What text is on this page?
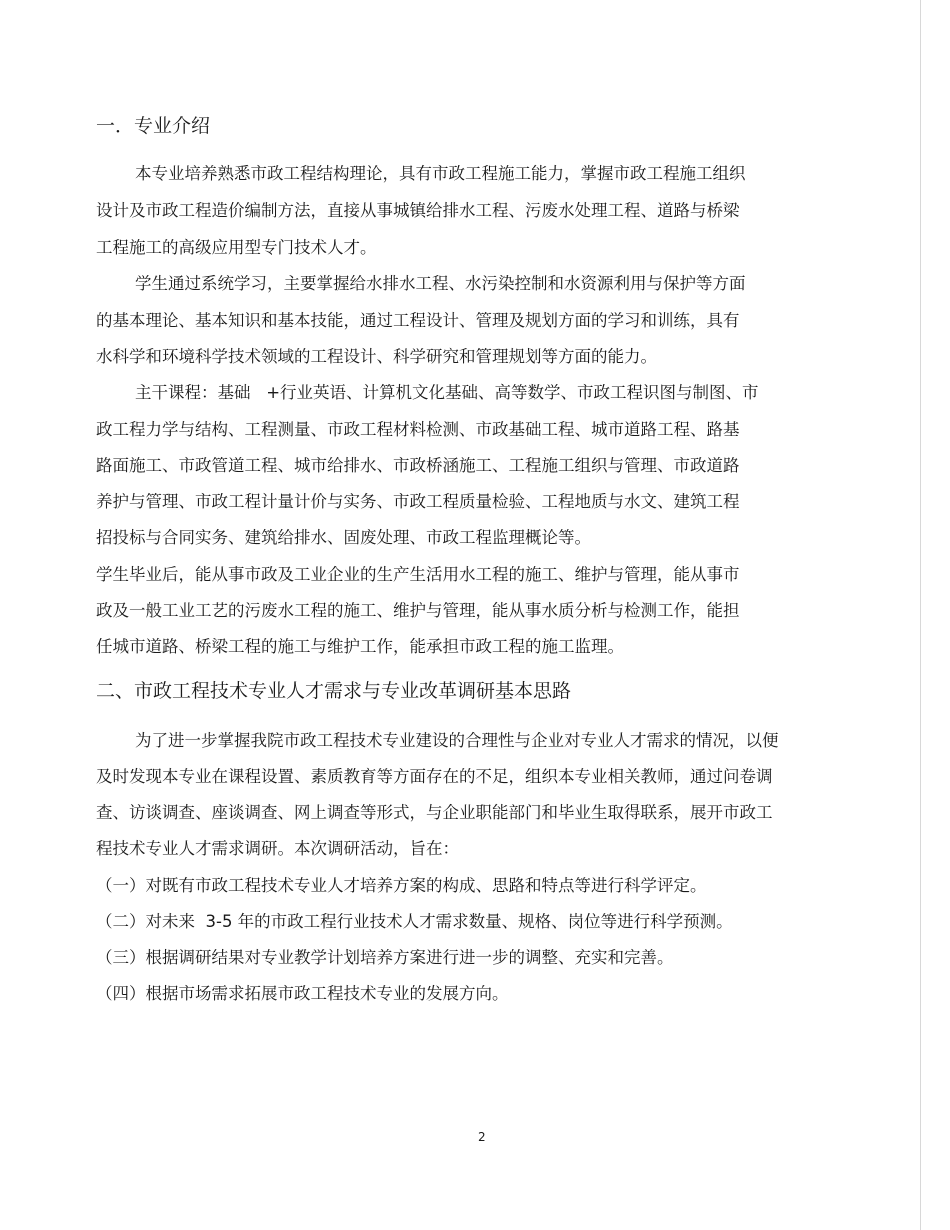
一．专业介绍
本专业培养熟悉市政工程结构理论，具有市政工程施工能力，掌握市政工程施工组织
设计及市政工程造价编制方法，直接从事城镇给排水工程、污废水处理工程、道路与桥梁
工程施工的高级应用型专门技术人才。
学生通过系统学习，主要掌握给水排水工程、水污染控制和水资源利用与保护等方面
的基本理论、基本知识和基本技能，通过工程设计、管理及规划方面的学习和训练，具有
水科学和环境科学技术领域的工程设计、科学研究和管理规划等方面的能力。
主干课程：基础   +行业英语、计算机文化基础、高等数学、市政工程识图与制图、市
政工程力学与结构、工程测量、市政工程材料检测、市政基础工程、城市道路工程、路基
路面施工、市政管道工程、城市给排水、市政桥涵施工、工程施工组织与管理、市政道路
养护与管理、市政工程计量计价与实务、市政工程质量检验、工程地质与水文、建筑工程
招投标与合同实务、建筑给排水、固废处理、市政工程监理概论等。
学生毕业后，能从事市政及工业企业的生产生活用水工程的施工、维护与管理，能从事市
政及一般工业工艺的污废水工程的施工、维护与管理，能从事水质分析与检测工作，能担
任城市道路、桥梁工程的施工与维护工作，能承担市政工程的施工监理。
二、市政工程技术专业人才需求与专业改革调研基本思路
为了进一步掌握我院市政工程技术专业建设的合理性与企业对专业人才需求的情况，以便
及时发现本专业在课程设置、素质教育等方面存在的不足，组织本专业相关教师，通过问卷调
查、访谈调查、座谈调查、网上调查等形式，与企业职能部门和毕业生取得联系，展开市政工
程技术专业人才需求调研。本次调研活动，旨在：
（一）对既有市政工程技术专业人才培养方案的构成、思路和特点等进行科学评定。
（二）对未来  3-5 年的市政工程行业技术人才需求数量、规格、岗位等进行科学预测。
（三）根据调研结果对专业教学计划培养方案进行进一步的调整、充实和完善。
（四）根据市场需求拓展市政工程技术专业的发展方向。
2
